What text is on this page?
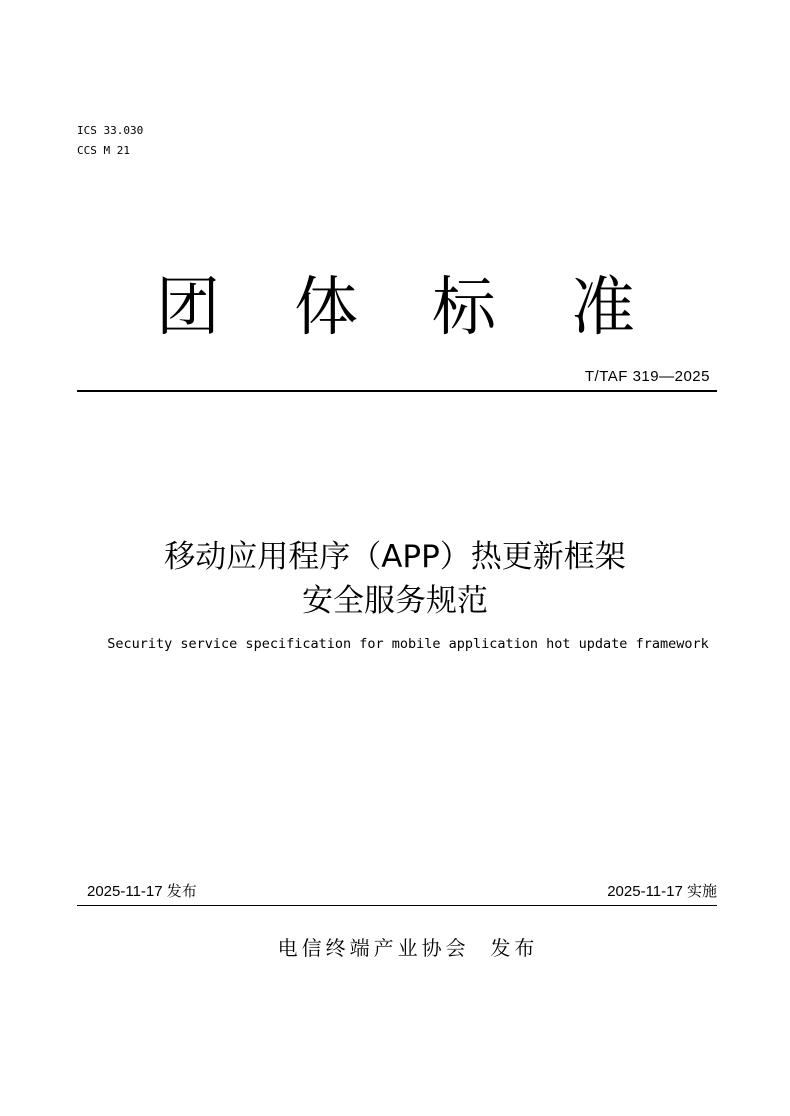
ICS 33.030
CCS M 21
团 体 标 准
T/TAF 319—2025
移动应用程序（APP）热更新框架
安全服务规范
Security service specification for mobile application hot update framework
2025-11-17 发布	2025-11-17 实施
电信终端产业协会  发布
